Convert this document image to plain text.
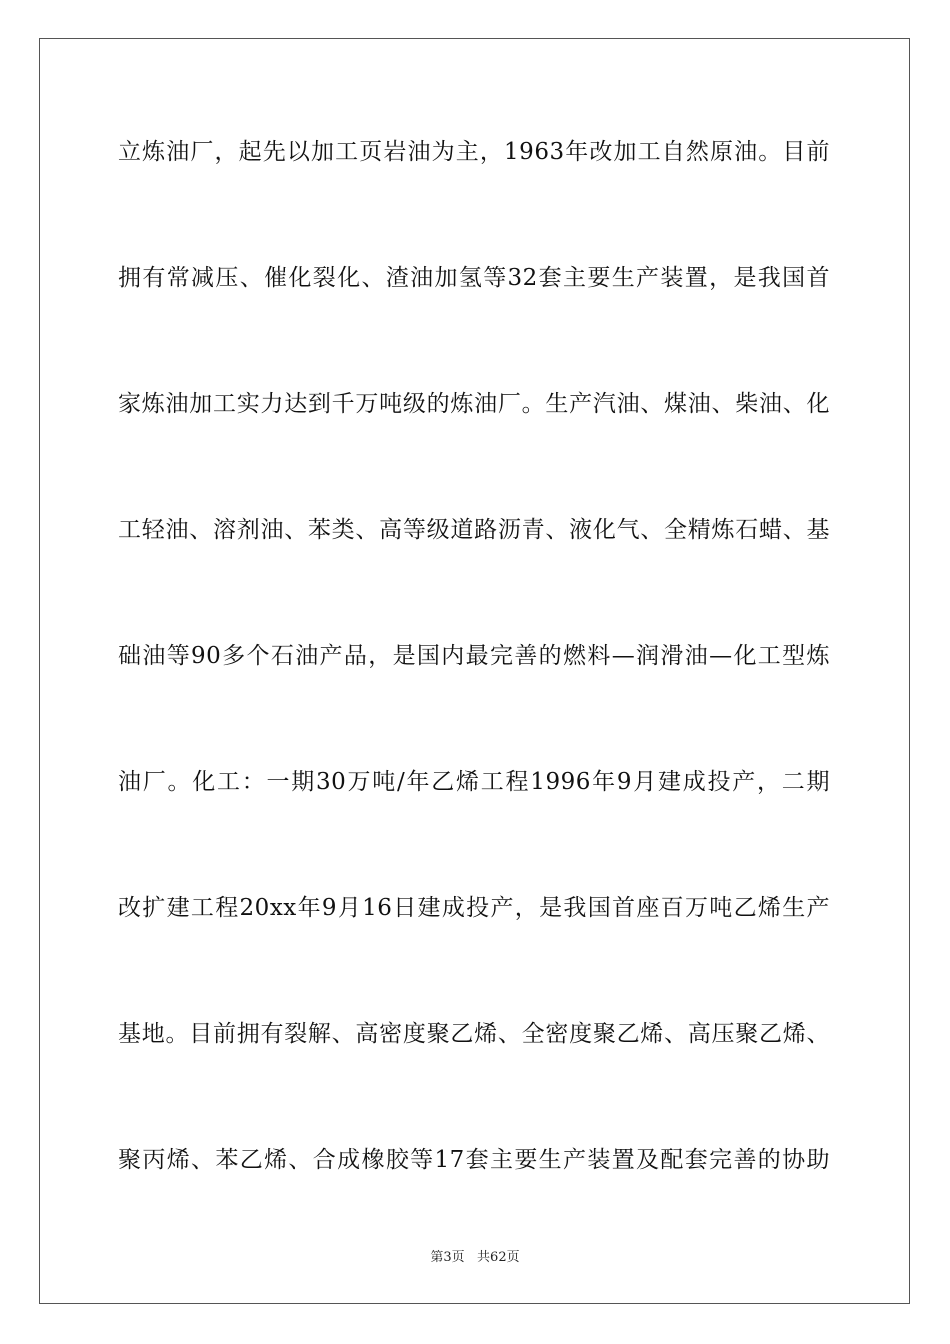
立炼油厂，起先以加工页岩油为主，1963年改加工自然原油。目前
拥有常减压、催化裂化、渣油加氢等32套主要生产装置，是我国首
家炼油加工实力达到千万吨级的炼油厂。生产汽油、煤油、柴油、化
工轻油、溶剂油、苯类、高等级道路沥青、液化气、全精炼石蜡、基
础油等90多个石油产品，是国内最完善的燃料—润滑油—化工型炼
油厂。化工：一期30万吨/年乙烯工程1996年9月建成投产，二期
改扩建工程20xx年9月16日建成投产，是我国首座百万吨乙烯生产
基地。目前拥有裂解、高密度聚乙烯、全密度聚乙烯、高压聚乙烯、
聚丙烯、苯乙烯、合成橡胶等17套主要生产装置及配套完善的协助
第3页   共62页
